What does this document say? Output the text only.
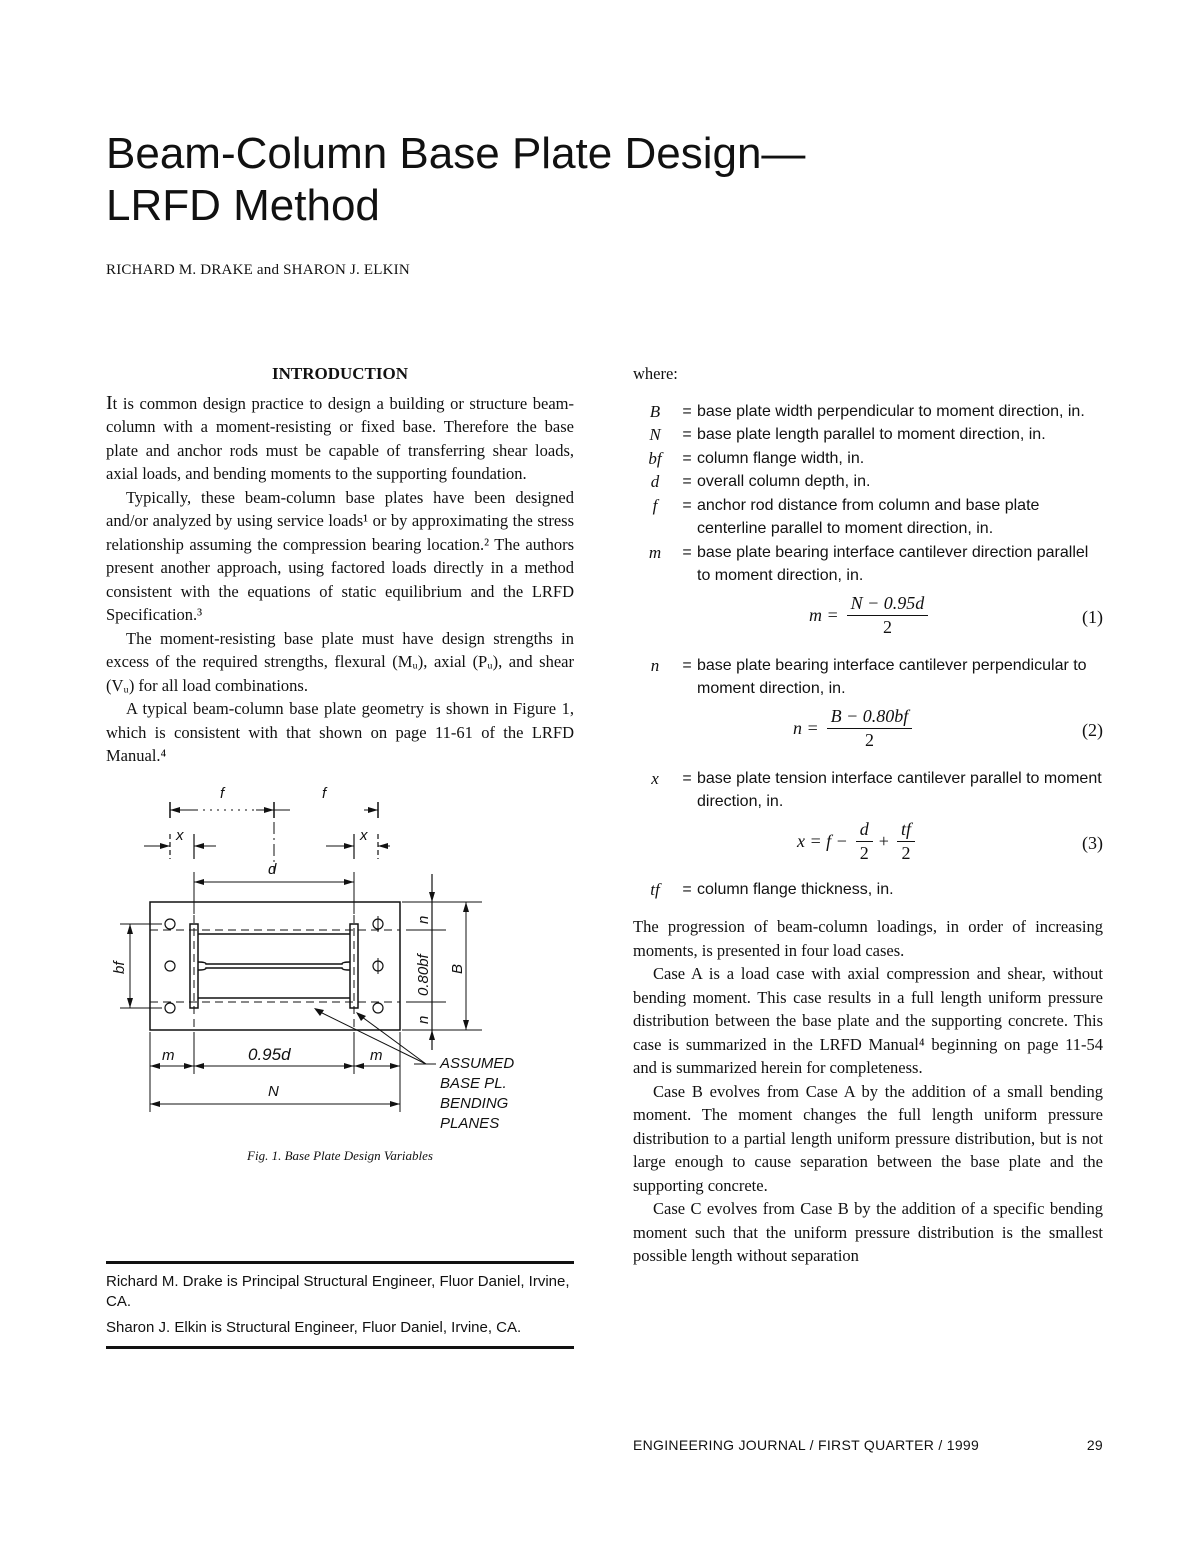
Beam-Column Base Plate Design—
LRFD Method
RICHARD M. DRAKE and SHARON J. ELKIN
INTRODUCTION

It is common design practice to design a building or structure beam-column with a moment-resisting or fixed base. Therefore the base plate and anchor rods must be capable of transferring shear loads, axial loads, and bending moments to the supporting foundation.

Typically, these beam-column base plates have been designed and/or analyzed by using service loads¹ or by approximating the stress relationship assuming the compression bearing location.² The authors present another approach, using factored loads directly in a method consistent with the equations of static equilibrium and the LRFD Specification.³

The moment-resisting base plate must have design strengths in excess of the required strengths, flexural (Mᵤ), axial (Pᵤ), and shear (Vᵤ) for all load combinations.

A typical beam-column base plate geometry is shown in Figure 1, which is consistent with that shown on page 11-61 of the LRFD Manual.⁴

f	f
x	x
d
bf
n
0.80bf
n
B
m	0.95d	m
N
ASSUMED
BASE PL.
BENDING
PLANES
Fig. 1. Base Plate Design Variables

Richard M. Drake is Principal Structural Engineer, Fluor Daniel, Irvine, CA.

Sharon J. Elkin is Structural Engineer, Fluor Daniel, Irvine, CA.

where:

B	= base plate width perpendicular to moment direction, in.
N	= base plate length parallel to moment direction, in.
bf	= column flange width, in.
d	= overall column depth, in.
f	= anchor rod distance from column and base plate centerline parallel to moment direction, in.
m	= base plate bearing interface cantilever direction parallel to moment direction, in.
$m = \frac{N - 0.95d}{2}$	(1)
n	= base plate bearing interface cantilever perpendicular to moment direction, in.
$n = \frac{B - 0.80bf}{2}$	(2)
x	= base plate tension interface cantilever parallel to moment direction, in.
$x = f - \frac{d}{2} + \frac{tf}{2}$	(3)
tf	= column flange thickness, in.

The progression of beam-column loadings, in order of increasing moments, is presented in four load cases.

Case A is a load case with axial compression and shear, without bending moment. This case results in a full length uniform pressure distribution between the base plate and the supporting concrete. This case is summarized in the LRFD Manual⁴ beginning on page 11-54 and is summarized herein for completeness.

Case B evolves from Case A by the addition of a small bending moment. The moment changes the full length uniform pressure distribution to a partial length uniform pressure distribution, but is not large enough to cause separation between the base plate and the supporting concrete.

Case C evolves from Case B by the addition of a specific bending moment such that the uniform pressure distribution is the smallest possible length without separation

ENGINEERING JOURNAL / FIRST QUARTER / 1999	29
